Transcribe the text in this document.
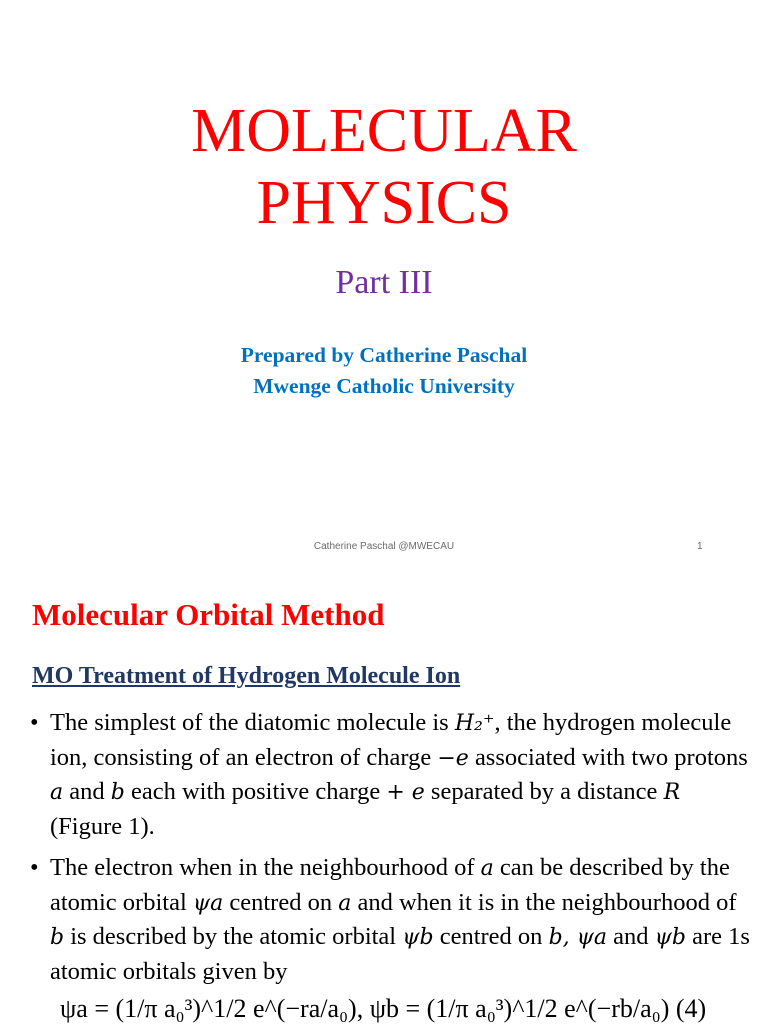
MOLECULAR
PHYSICS
Part III
Prepared by Catherine Paschal
Mwenge Catholic University
Catherine Paschal @MWECAU	1
Molecular Orbital Method
MO Treatment of Hydrogen Molecule Ion
• The simplest of the diatomic molecule is H₂⁺, the hydrogen molecule ion, consisting of an electron of charge −e associated with two protons a and b each with positive charge + e separated by a distance R (Figure 1).
• The electron when in the neighbourhood of a can be described by the atomic orbital ψa centred on a and when it is in the neighbourhood of b is described by the atomic orbital ψb centred on b, ψa and ψb are 1s atomic orbitals given by
ψa = (1/π a₀³)^1/2 e^(−ra/a₀), ψb = (1/π a₀³)^1/2 e^(−rb/a₀) (4)
